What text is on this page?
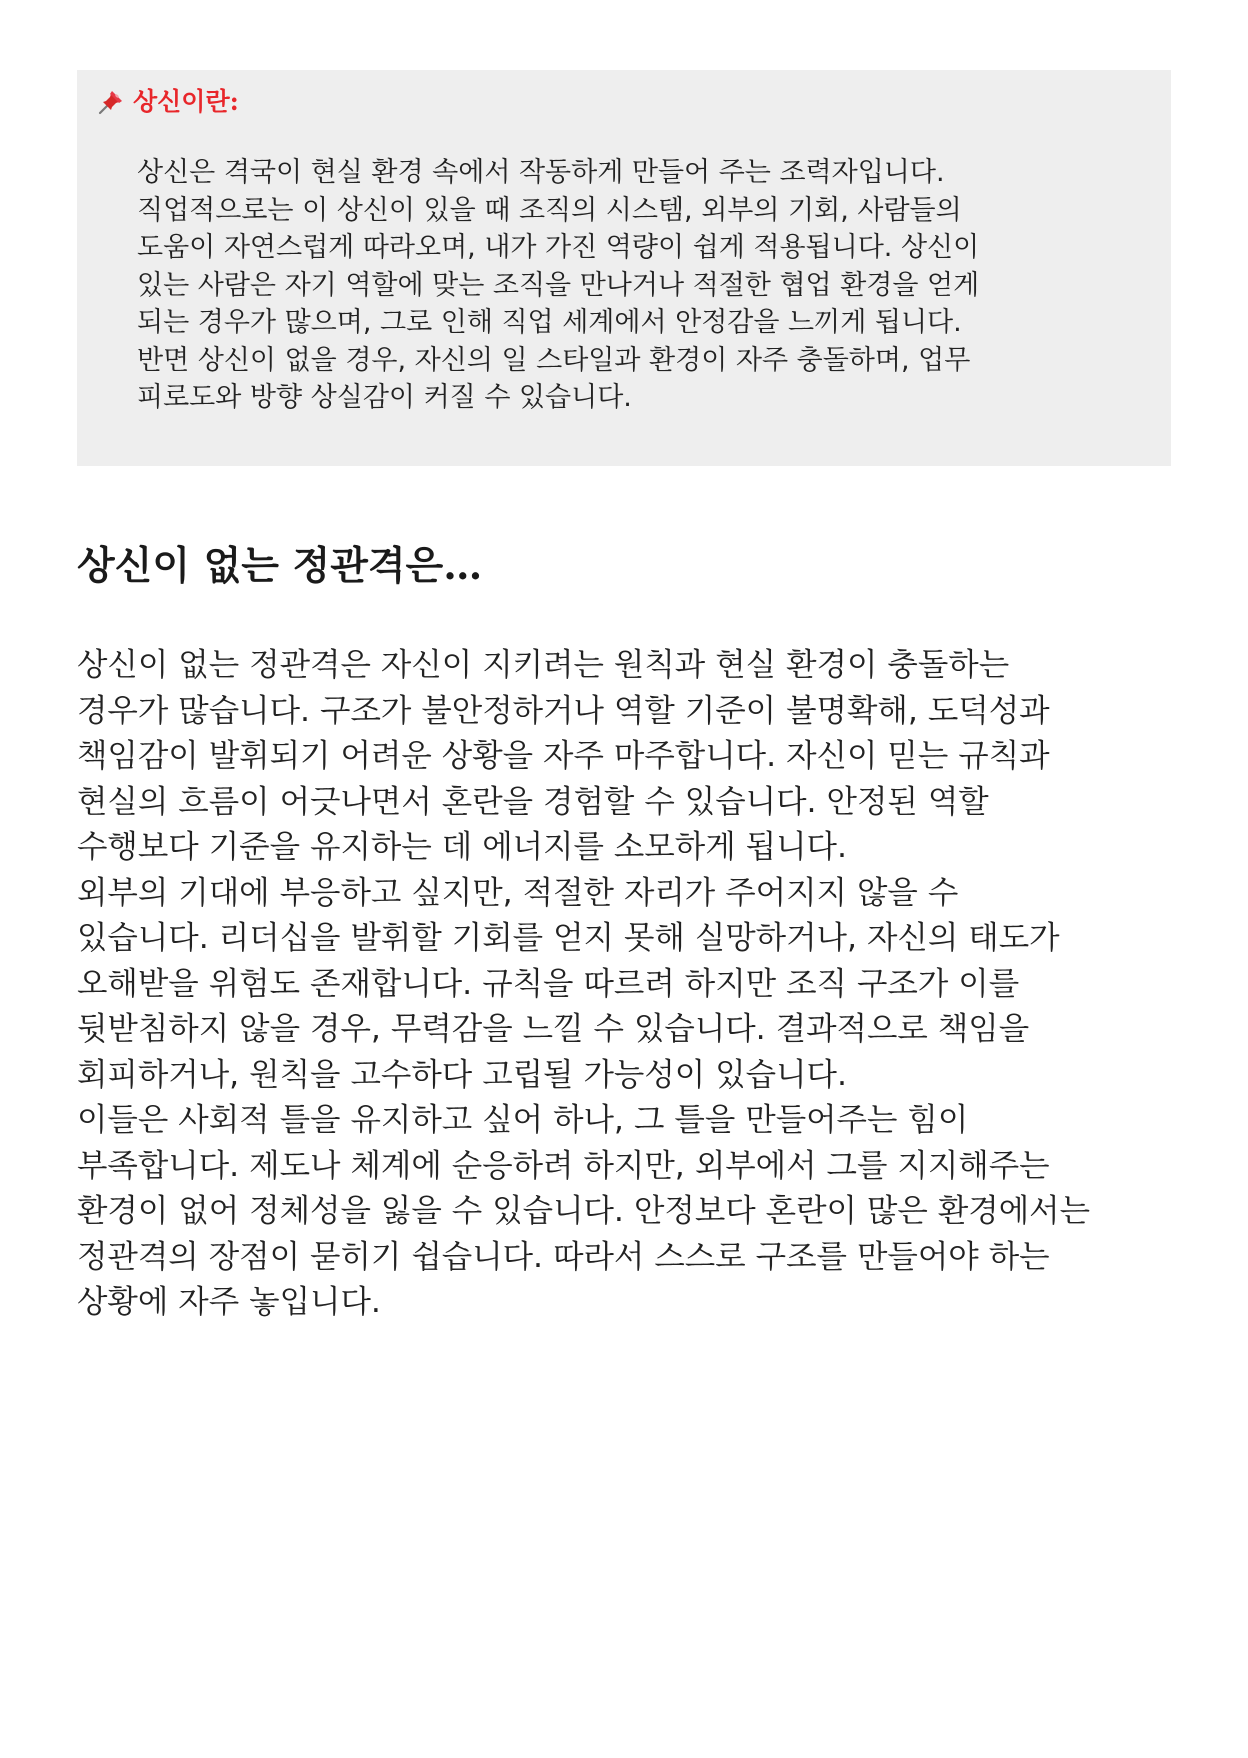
상신이란:
상신은 격국이 현실 환경 속에서 작동하게 만들어 주는 조력자입니다.
직업적으로는 이 상신이 있을 때 조직의 시스템, 외부의 기회, 사람들의
도움이 자연스럽게 따라오며, 내가 가진 역량이 쉽게 적용됩니다. 상신이
있는 사람은 자기 역할에 맞는 조직을 만나거나 적절한 협업 환경을 얻게
되는 경우가 많으며, 그로 인해 직업 세계에서 안정감을 느끼게 됩니다.
반면 상신이 없을 경우, 자신의 일 스타일과 환경이 자주 충돌하며, 업무
피로도와 방향 상실감이 커질 수 있습니다.
상신이 없는 정관격은…
상신이 없는 정관격은 자신이 지키려는 원칙과 현실 환경이 충돌하는
경우가 많습니다. 구조가 불안정하거나 역할 기준이 불명확해, 도덕성과
책임감이 발휘되기 어려운 상황을 자주 마주합니다. 자신이 믿는 규칙과
현실의 흐름이 어긋나면서 혼란을 경험할 수 있습니다. 안정된 역할
수행보다 기준을 유지하는 데 에너지를 소모하게 됩니다.
외부의 기대에 부응하고 싶지만, 적절한 자리가 주어지지 않을 수
있습니다. 리더십을 발휘할 기회를 얻지 못해 실망하거나, 자신의 태도가
오해받을 위험도 존재합니다. 규칙을 따르려 하지만 조직 구조가 이를
뒷받침하지 않을 경우, 무력감을 느낄 수 있습니다. 결과적으로 책임을
회피하거나, 원칙을 고수하다 고립될 가능성이 있습니다.
이들은 사회적 틀을 유지하고 싶어 하나, 그 틀을 만들어주는 힘이
부족합니다. 제도나 체계에 순응하려 하지만, 외부에서 그를 지지해주는
환경이 없어 정체성을 잃을 수 있습니다. 안정보다 혼란이 많은 환경에서는
정관격의 장점이 묻히기 쉽습니다. 따라서 스스로 구조를 만들어야 하는
상황에 자주 놓입니다.
